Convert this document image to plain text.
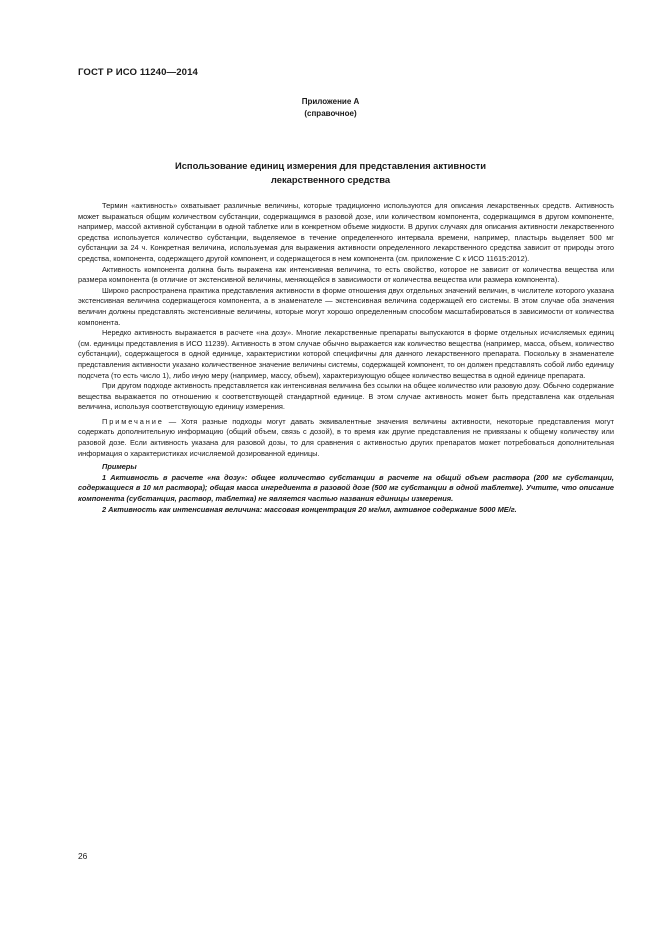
ГОСТ Р ИСО 11240—2014
Приложение А
(справочное)
Использование единиц измерения для представления активности
лекарственного средства

Термин «активность» охватывает различные величины, которые традиционно используются для описания лекарственных средств. Активность может выражаться общим количеством субстанции, содержащимся в разовой дозе, или количеством компонента, содержащимся в другом компоненте, например, массой активной субстанции в одной таблетке или в конкретном объеме жидкости. В других случаях для описания активности лекарственного средства используется количество субстанции, выделяемое в течение определенного интервала времени, например, пластырь выделяет 500 мг субстанции за 24 ч. Конкретная величина, используемая для выражения активности определенного лекарственного средства зависит от природы этого средства, компонента, содержащего другой компонент, и содержащегося в нем компонента (см. приложение С к ИСО 11615:2012).

Активность компонента должна быть выражена как интенсивная величина, то есть свойство, которое не зависит от количества вещества или размера компонента (в отличие от экстенсивной величины, меняющейся в зависимости от количества вещества или размера компонента).

Широко распространена практика представления активности в форме отношения двух отдельных значений величин, в числителе которого указана экстенсивная величина содержащегося компонента, а в знаменателе — экстенсивная величина содержащей его системы. В этом случае оба значения величин должны представлять экстенсивные величины, которые могут хорошо определенным способом масштабироваться в зависимости от количества компонента.

Нередко активность выражается в расчете «на дозу». Многие лекарственные препараты выпускаются в форме отдельных исчисляемых единиц (см. единицы представления в ИСО 11239). Активность в этом случае обычно выражается как количество вещества (например, масса, объем, количество субстанции), содержащегося в одной единице, характеристики которой специфичны для данного лекарственного препарата. Поскольку в знаменателе представления активности указано количественное значение величины системы, содержащей компонент, то он должен представлять собой либо единицу подсчета (то есть число 1), либо иную меру (например, массу, объем), характеризующую общее количество вещества в одной единице препарата.

При другом подходе активность представляется как интенсивная величина без ссылки на общее количество или разовую дозу. Обычно содержание вещества выражается по отношению к соответствующей стандартной единице. В этом случае активность может быть представлена как отдельная величина, используя соответствующую единицу измерения.

Примечание — Хотя разные подходы могут давать эквивалентные значения величины активности, некоторые представления могут содержать дополнительную информацию (общий объем, связь с дозой), в то время как другие представления не привязаны к общему количеству или разовой дозе. Если активность указана для разовой дозы, то для сравнения с активностью других препаратов может потребоваться дополнительная информация о характеристиках исчисляемой дозированной единицы.

Примеры

1 Активность в расчете «на дозу»: общее количество субстанции в расчете на общий объем раствора (200 мг субстанции, содержащиеся в 10 мл раствора); общая масса ингредиента в разовой дозе (500 мг субстанции в одной таблетке). Учтите, что описание компонента (субстанция, раствор, таблетка) не является частью названия единицы измерения.

2 Активность как интенсивная величина: массовая концентрация 20 мг/мл, активное содержание 5000 МЕ/г.

26
